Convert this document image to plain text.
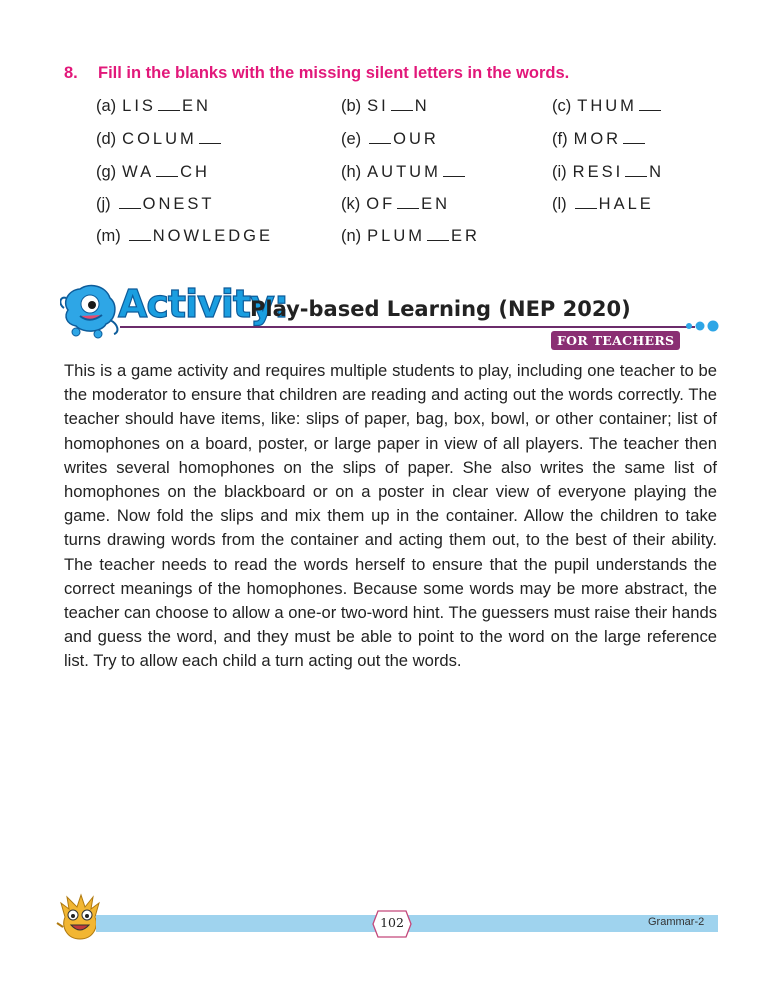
8. Fill in the blanks with the missing silent letters in the words.
(a) LIS EN	(b) SI N	(c) THUM
(d) COLUM	(e) OUR	(f) MOR
(g) WA CH	(h) AUTUM	(i) RESI N
(j) ONEST	(k) OF EN	(l) HALE
(m) NOWLEDGE	(n) PLUM ER
Activity:
Play-based Learning (NEP 2020)
FOR TEACHERS
This is a game activity and requires multiple students to play, including one teacher to be the moderator to ensure that children are reading and acting out the words correctly. The teacher should have items, like: slips of paper, bag, box, bowl, or other container; list of homophones on a board, poster, or large paper in view of all players. The teacher then writes several homophones on the slips of paper. She also writes the same list of homophones on the blackboard or on a poster in clear view of everyone playing the game. Now fold the slips and mix them up in the container. Allow the children to take turns drawing words from the container and acting them out, to the best of their ability. The teacher needs to read the words herself to ensure that the pupil understands the correct meanings of the homophones. Because some words may be more abstract, the teacher can choose to allow a one-or two-word hint. The guessers must raise their hands and guess the word, and they must be able to point to the word on the large reference list. Try to allow each child a turn acting out the words.
102	Grammar-2
